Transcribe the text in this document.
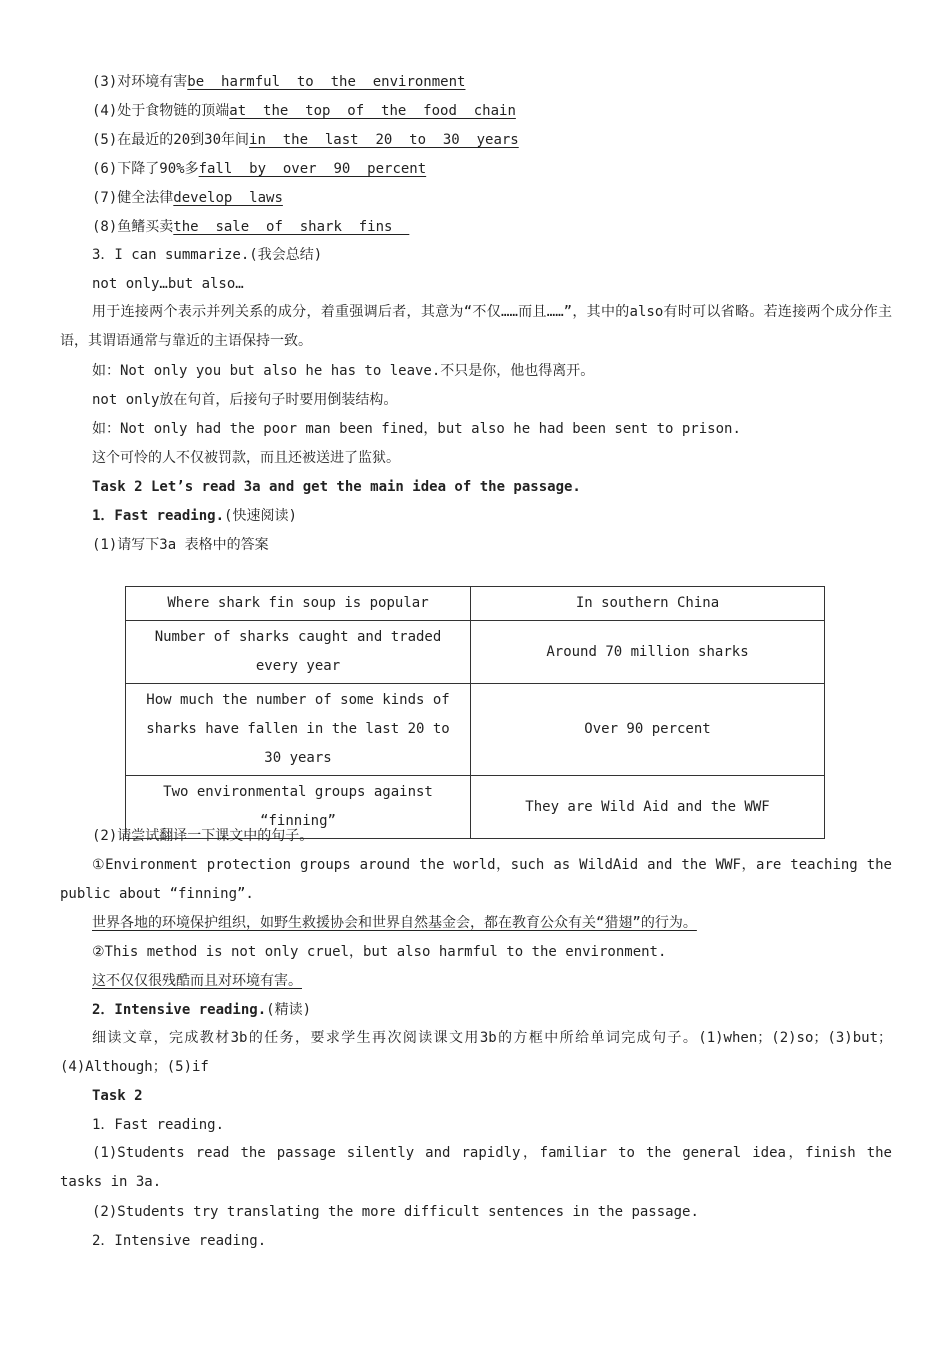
(3)对环境有害be  harmful  to  the  environment
(4)处于食物链的顶端at  the  top  of  the  food  chain
(5)在最近的20到30年间in  the  last  20  to  30  years
(6)下降了90%多fall  by  over  90  percent
(7)健全法律develop  laws
(8)鱼鳍买卖the  sale  of  shark  fins
3．I can summarize.(我会总结)
not only…but also…
用于连接两个表示并列关系的成分，着重强调后者，其意为“不仅……而且……”，其中的also有时可以省略。若连接两个成分作主语，其谓语通常与靠近的主语保持一致。
如：Not only you but also he has to leave.不只是你，他也得离开。
not only放在句首，后接句子时要用倒装结构。
如：Not only had the poor man been fined，but also he had been sent to prison.
这个可怜的人不仅被罚款，而且还被送进了监狱。
Task 2 Let’s read 3a and get the main idea of the passage.
1．Fast reading.(快速阅读)
(1)请写下3a 表格中的答案
Where shark fin soup is popular	In southern China
Number of sharks caught and traded every year	Around 70 million sharks
How much the number of some kinds of sharks have fallen in the last 20 to 30 years	Over 90 percent
Two environmental groups against “finning”	They are Wild Aid and the WWF
(2)请尝试翻译一下课文中的句子。
①Environment protection groups around the world，such as WildAid and the WWF，are teaching the public about “finning”.
世界各地的环境保护组织，如野生救援协会和世界自然基金会，都在教育公众有关“猎翅”的行为。
②This method is not only cruel，but also harmful to the environment.
这不仅仅很残酷而且对环境有害。
2．Intensive reading.(精读)
细读文章，完成教材3b的任务，要求学生再次阅读课文用3b的方框中所给单词完成句子。(1)when；(2)so；(3)but；(4)Although；(5)if
Task 2
1．Fast reading.
(1)Students read the passage silently and rapidly，familiar to the general idea，finish the tasks in 3a.
(2)Students try translating the more difficult sentences in the passage.
2．Intensive reading.
